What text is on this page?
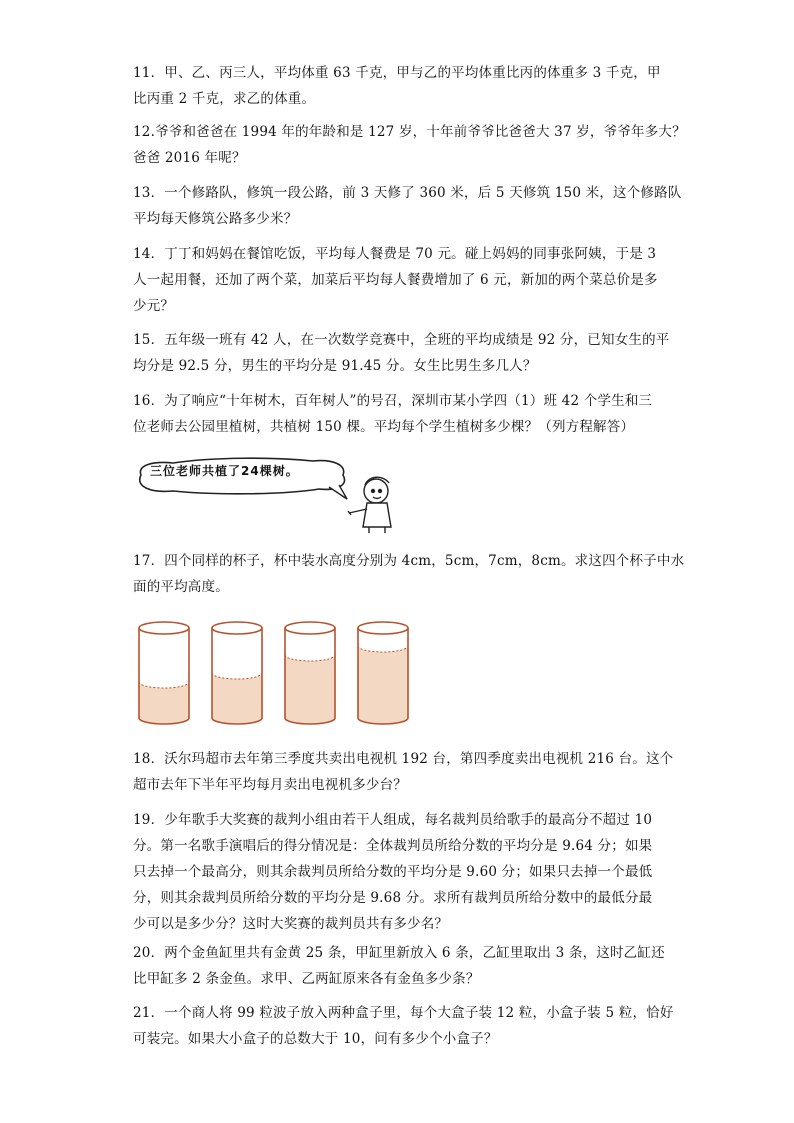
11．甲、乙、丙三人，平均体重 63 千克，甲与乙的平均体重比丙的体重多 3 千克，甲
比丙重 2 千克，求乙的体重。

12.爷爷和爸爸在 1994 年的年龄和是 127 岁，十年前爷爷比爸爸大 37 岁，爷爷年多大？
爸爸 2016 年呢？

13．一个修路队，修筑一段公路，前 3 天修了 360 米，后 5 天修筑 150 米，这个修路队
平均每天修筑公路多少米？

14．丁丁和妈妈在餐馆吃饭，平均每人餐费是 70 元。碰上妈妈的同事张阿姨，于是 3
人一起用餐，还加了两个菜，加菜后平均每人餐费增加了 6 元，新加的两个菜总价是多
少元？

15．五年级一班有 42 人，在一次数学竞赛中，全班的平均成绩是 92 分，已知女生的平
均分是 92.5 分，男生的平均分是 91.45 分。女生比男生多几人？

16．为了响应“十年树木，百年树人”的号召，深圳市某小学四（1）班 42 个学生和三
位老师去公园里植树，共植树 150 棵。平均每个学生植树多少棵？（列方程解答）

三位老师共植了24棵树。

17．四个同样的杯子，杯中装水高度分别为 4cm，5cm，7cm，8cm。求这四个杯子中水
面的平均高度。

18．沃尔玛超市去年第三季度共卖出电视机 192 台，第四季度卖出电视机 216 台。这个
超市去年下半年平均每月卖出电视机多少台？

19．少年歌手大奖赛的裁判小组由若干人组成，每名裁判员给歌手的最高分不超过 10
分。第一名歌手演唱后的得分情况是：全体裁判员所给分数的平均分是 9.64 分；如果
只去掉一个最高分，则其余裁判员所给分数的平均分是 9.60 分；如果只去掉一个最低
分，则其余裁判员所给分数的平均分是 9.68 分。求所有裁判员所给分数中的最低分最
少可以是多少分？这时大奖赛的裁判员共有多少名？

20．两个金鱼缸里共有金黄 25 条，甲缸里新放入 6 条，乙缸里取出 3 条，这时乙缸还
比甲缸多 2 条金鱼。求甲、乙两缸原来各有金鱼多少条？

21．一个商人将 99 粒波子放入两种盒子里，每个大盒子装 12 粒，小盒子装 5 粒，恰好
可装完。如果大小盒子的总数大于 10，问有多少个小盒子？
